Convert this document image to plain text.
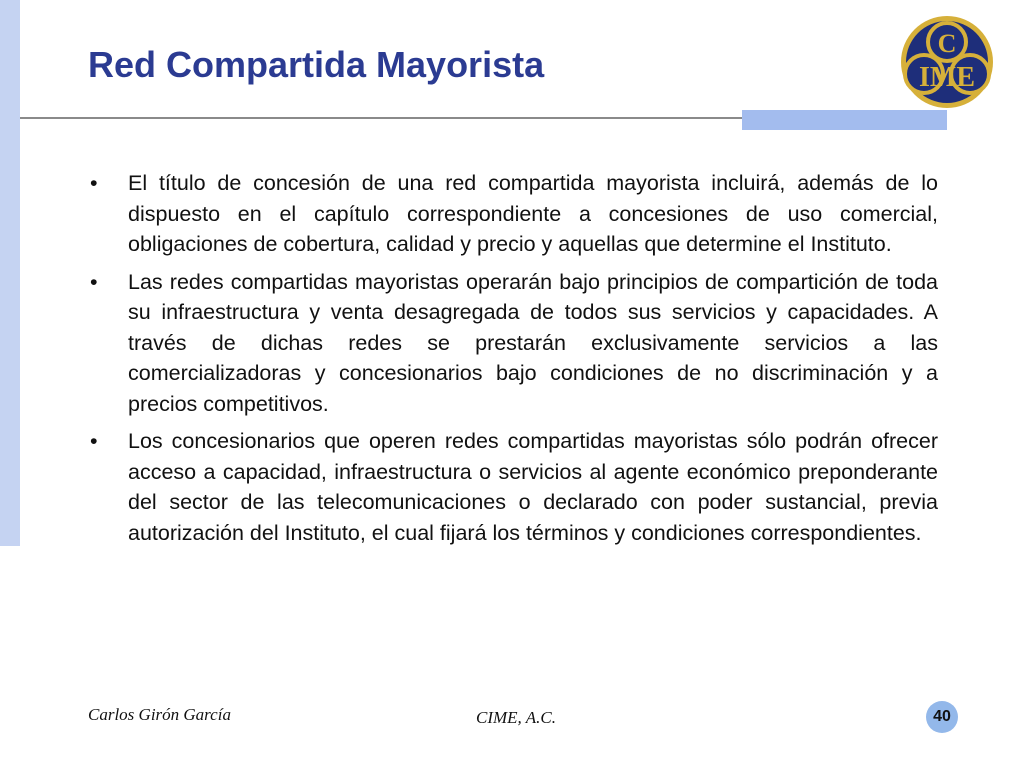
Red Compartida Mayorista
C
IME
•	El título de concesión de una red compartida mayorista incluirá, además de lo dispuesto en el capítulo correspondiente a concesiones de uso comercial, obligaciones de cobertura, calidad y precio y aquellas que determine el Instituto.
•	Las redes compartidas mayoristas operarán bajo principios de compartición de toda su infraestructura y venta desagregada de todos sus servicios y capacidades. A través de dichas redes se prestarán exclusivamente servicios a las comercializadoras y concesionarios bajo condiciones de no discriminación y a precios competitivos.
•	Los concesionarios que operen redes compartidas mayoristas sólo podrán ofrecer acceso a capacidad, infraestructura o servicios al agente económico preponderante del sector de las telecomunicaciones o declarado con poder sustancial, previa autorización del Instituto, el cual fijará los términos y condiciones correspondientes.
Carlos Girón García	CIME, A.C.	40
